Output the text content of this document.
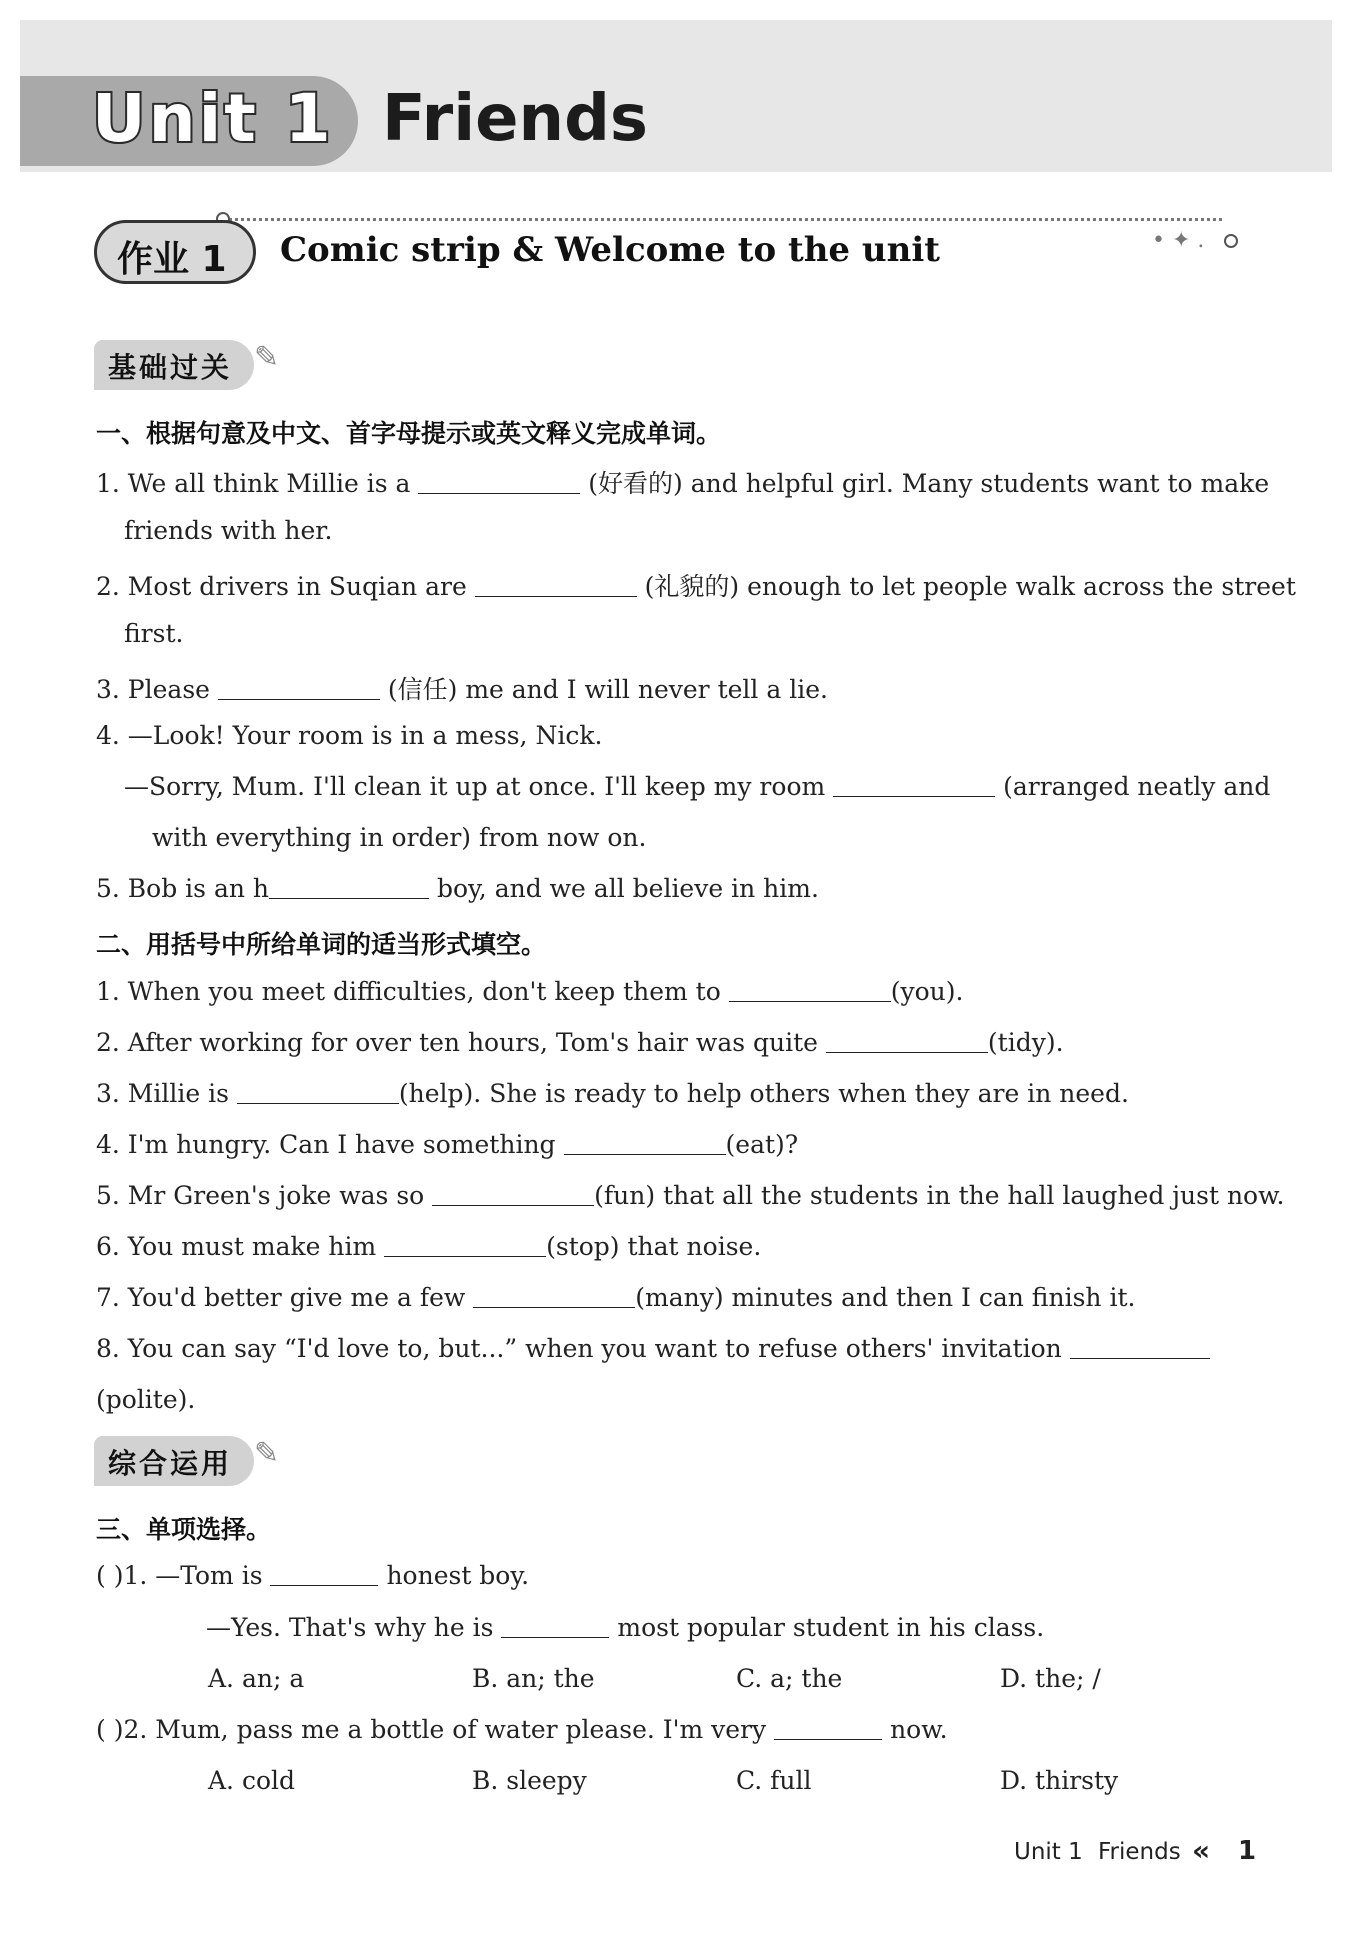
Unit 1 Friends
• ✦ .
作业 1 Comic strip & Welcome to the unit
基础过关 ✎
一、根据句意及中文、首字母提示或英文释义完成单词。
1. We all think Millie is a	(好看的) and helpful girl. Many students want to make
friends with her.
2. Most drivers in Suqian are	(礼貌的) enough to let people walk across the street
first.
3. Please	(信任) me and I will never tell a lie.
4. —Look! Your room is in a mess, Nick.
—Sorry, Mum. I'll clean it up at once. I'll keep my room	(arranged neatly and
with everything in order) from now on.
5. Bob is an h	boy, and we all believe in him.
二、用括号中所给单词的适当形式填空。
1. When you meet difficulties, don't keep them to	(you).
2. After working for over ten hours, Tom's hair was quite	(tidy).
3. Millie is	(help). She is ready to help others when they are in need.
4. I'm hungry. Can I have something	(eat)?
5. Mr Green's joke was so	(fun) that all the students in the hall laughed just now.
6. You must make him	(stop) that noise.
7. You'd better give me a few	(many) minutes and then I can finish it.
8. You can say “I'd love to, but...” when you want to refuse others' invitation
(polite).
综合运用 ✎
三、单项选择。
( )1. —Tom is	honest boy.
—Yes. That's why he is	most popular student in his class.
A. an; a	B. an; the	C. a; the	D. the; /
( )2. Mum, pass me a bottle of water please. I'm very	now.
A. cold	B. sleepy	C. full	D. thirsty
Unit 1 Friends « 1
